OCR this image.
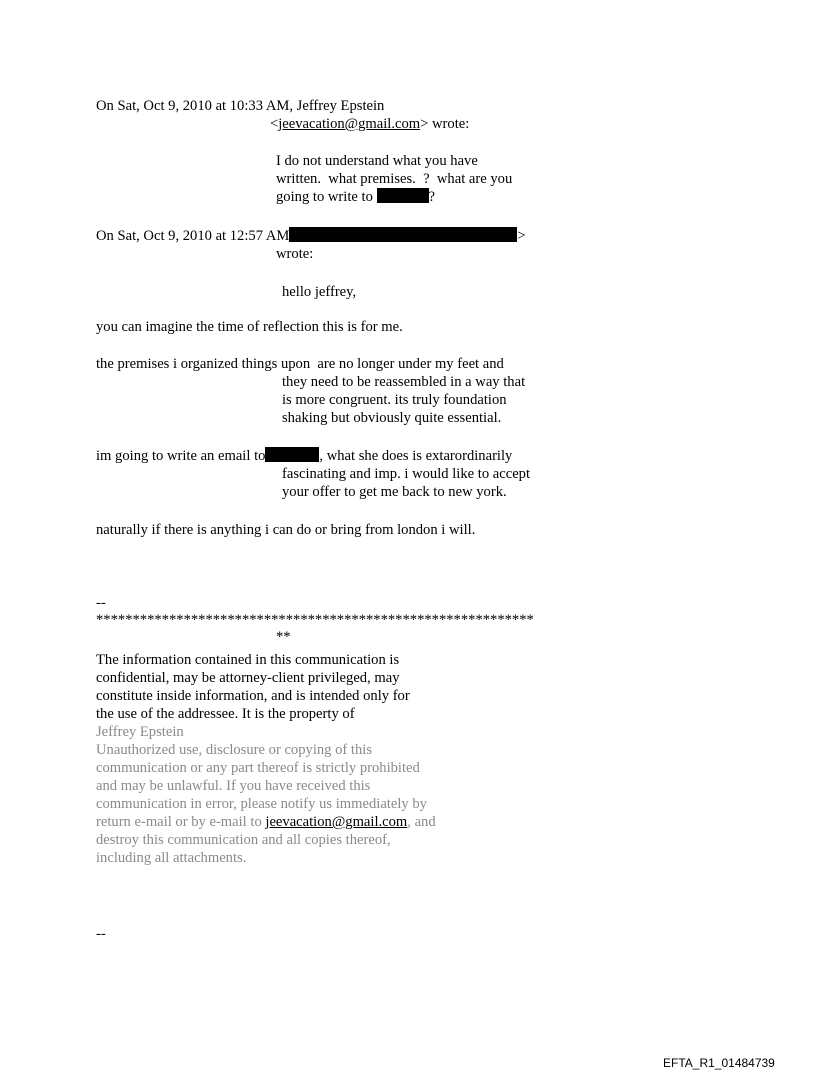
On Sat, Oct 9, 2010 at 10:33 AM, Jeffrey Epstein
<jeevacation@gmail.com> wrote:
I do not understand what you have
written.  what premises.  ?  what are you
going to write to	?
On Sat, Oct 9, 2010 at 12:57 AM	>
wrote:
hello jeffrey,
you can imagine the time of reflection this is for me.
the premises i organized things upon  are no longer under my feet and
they need to be reassembled in a way that
is more congruent. its truly foundation
shaking but obviously quite essential.
im going to write an email to	, what she does is extarordinarily
fascinating and imp. i would like to accept
your offer to get me back to new york.
naturally if there is anything i can do or bring from london i will.
--
************************************************************
**
The information contained in this communication is
confidential, may be attorney-client privileged, may
constitute inside information, and is intended only for
the use of the addressee. It is the property of
Jeffrey Epstein
Unauthorized use, disclosure or copying of this
communication or any part thereof is strictly prohibited
and may be unlawful. If you have received this
communication in error, please notify us immediately by
return e-mail or by e-mail to jeevacation@gmail.com, and
destroy this communication and all copies thereof,
including all attachments.
--
EFTA_R1_01484739
